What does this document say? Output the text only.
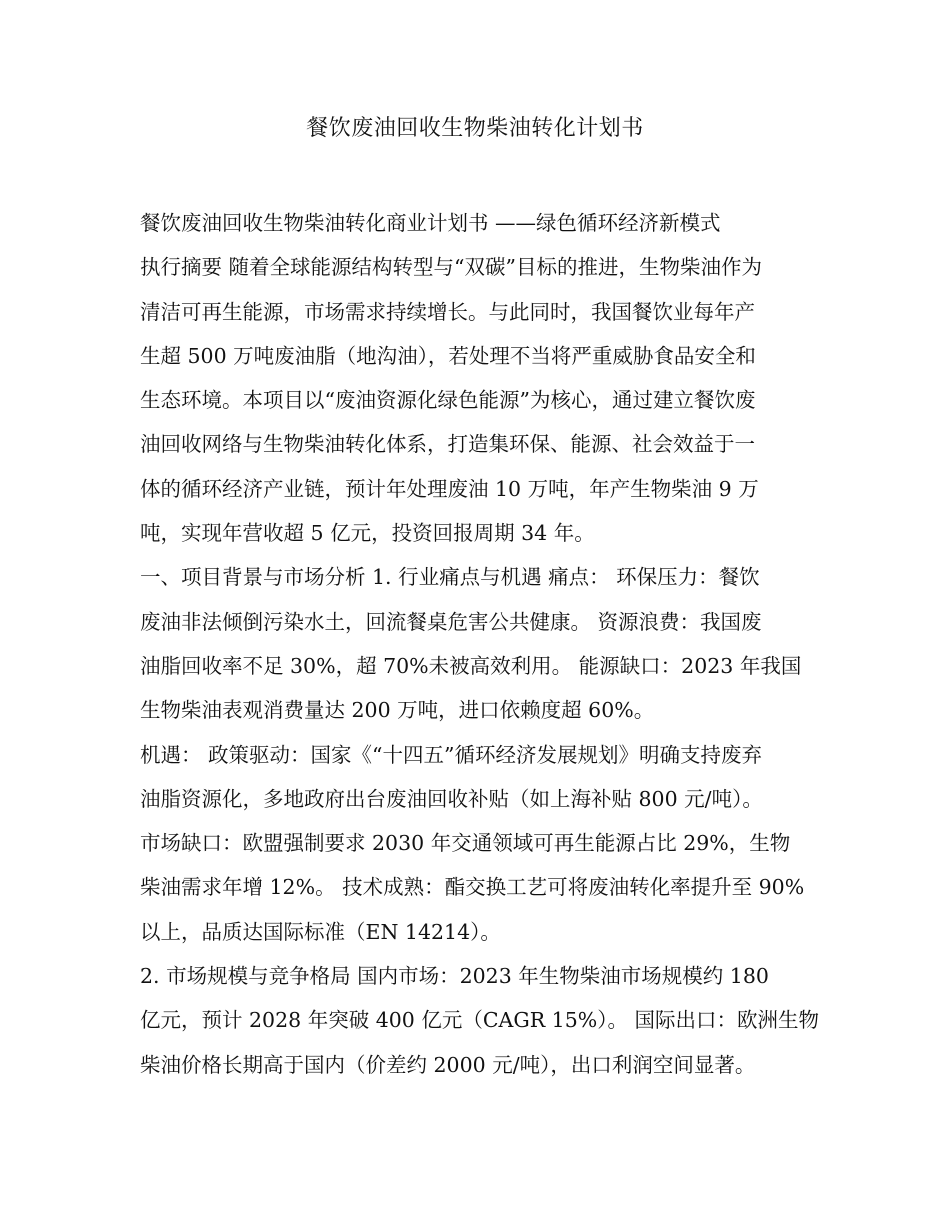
餐饮废油回收生物柴油转化计划书
餐饮废油回收生物柴油转化商业计划书 ——绿色循环经济新模式
执行摘要 随着全球能源结构转型与“双碳”目标的推进，生物柴油作为
清洁可再生能源，市场需求持续增长。与此同时，我国餐饮业每年产
生超 500 万吨废油脂（地沟油），若处理不当将严重威胁食品安全和
生态环境。本项目以“废油资源化绿色能源”为核心，通过建立餐饮废
油回收网络与生物柴油转化体系，打造集环保、能源、社会效益于一
体的循环经济产业链，预计年处理废油 10 万吨，年产生物柴油 9 万
吨，实现年营收超 5 亿元，投资回报周期 34 年。
一、项目背景与市场分析 1. 行业痛点与机遇 痛点： 环保压力：餐饮
废油非法倾倒污染水土，回流餐桌危害公共健康。 资源浪费：我国废
油脂回收率不足 30%，超 70%未被高效利用。 能源缺口：2023 年我国
生物柴油表观消费量达 200 万吨，进口依赖度超 60%。
机遇： 政策驱动：国家《“十四五”循环经济发展规划》明确支持废弃
油脂资源化，多地政府出台废油回收补贴（如上海补贴 800 元/吨）。
市场缺口：欧盟强制要求 2030 年交通领域可再生能源占比 29%，生物
柴油需求年增 12%。 技术成熟：酯交换工艺可将废油转化率提升至 90%
以上，品质达国际标准（EN 14214）。
2. 市场规模与竞争格局 国内市场：2023 年生物柴油市场规模约 180
亿元，预计 2028 年突破 400 亿元（CAGR 15%）。 国际出口：欧洲生物
柴油价格长期高于国内（价差约 2000 元/吨），出口利润空间显著。
